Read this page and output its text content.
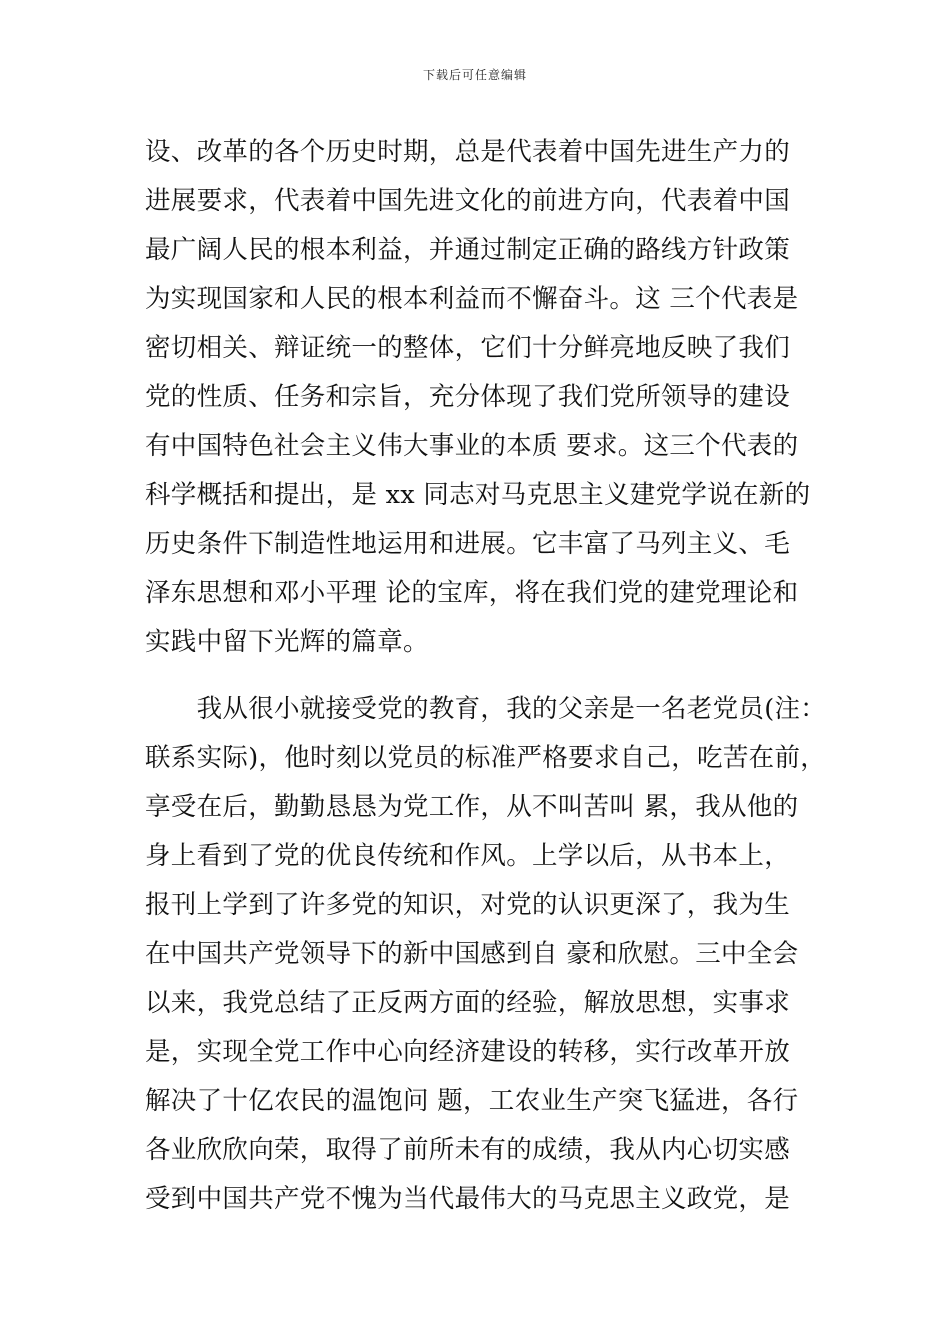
下载后可任意编辑
设、改革的各个历史时期，总是代表着中国先进生产力的
进展要求，代表着中国先进文化的前进方向，代表着中国
最广阔人民的根本利益，并通过制定正确的路线方针政策
为实现国家和人民的根本利益而不懈奋斗。这 三个代表是
密切相关、辩证统一的整体，它们十分鲜亮地反映了我们
党的性质、任务和宗旨，充分体现了我们党所领导的建设
有中国特色社会主义伟大事业的本质 要求。这三个代表的
科学概括和提出，是 xx 同志对马克思主义建党学说在新的
历史条件下制造性地运用和进展。它丰富了马列主义、毛
泽东思想和邓小平理 论的宝库，将在我们党的建党理论和
实践中留下光辉的篇章。
　　我从很小就接受党的教育，我的父亲是一名老党员(注：
联系实际)，他时刻以党员的标准严格要求自己，吃苦在前，
享受在后，勤勤恳恳为党工作，从不叫苦叫 累，我从他的
身上看到了党的优良传统和作风。上学以后，从书本上，
报刊上学到了许多党的知识，对党的认识更深了，我为生
在中国共产党领导下的新中国感到自 豪和欣慰。三中全会
以来，我党总结了正反两方面的经验，解放思想，实事求
是，实现全党工作中心向经济建设的转移，实行改革开放
解决了十亿农民的温饱问 题，工农业生产突飞猛进，各行
各业欣欣向荣，取得了前所未有的成绩，我从内心切实感
受到中国共产党不愧为当代最伟大的马克思主义政党，是
